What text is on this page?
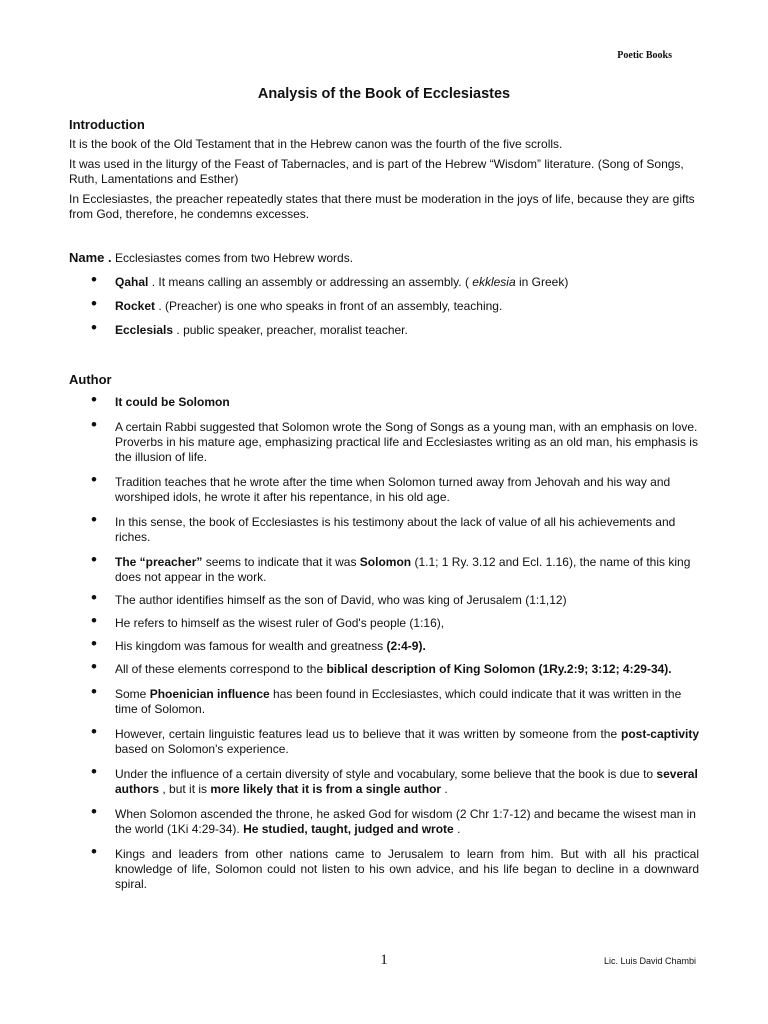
Poetic Books
Analysis of the Book of Ecclesiastes

Introduction

It is the book of the Old Testament that in the Hebrew canon was the fourth of the five scrolls.

It was used in the liturgy of the Feast of Tabernacles, and is part of the Hebrew “Wisdom” literature. (Song of Songs, Ruth, Lamentations and Esther)

In Ecclesiastes, the preacher repeatedly states that there must be moderation in the joys of life, because they are gifts from God, therefore, he condemns excesses.

Name . Ecclesiastes comes from two Hebrew words.

• Qahal . It means calling an assembly or addressing an assembly. ( ekklesia in Greek)
• Rocket . (Preacher) is one who speaks in front of an assembly, teaching.
• Ecclesials . public speaker, preacher, moralist teacher.

Author

• It could be Solomon
• A certain Rabbi suggested that Solomon wrote the Song of Songs as a young man, with an emphasis on love. Proverbs in his mature age, emphasizing practical life and Ecclesiastes writing as an old man, his emphasis is the illusion of life.
• Tradition teaches that he wrote after the time when Solomon turned away from Jehovah and his way and worshiped idols, he wrote it after his repentance, in his old age.
• In this sense, the book of Ecclesiastes is his testimony about the lack of value of all his achievements and riches.
• The “preacher” seems to indicate that it was Solomon (1.1; 1 Ry. 3.12 and Ecl. 1.16), the name of this king does not appear in the work.
• The author identifies himself as the son of David, who was king of Jerusalem (1:1,12)
• He refers to himself as the wisest ruler of God's people (1:16),
• His kingdom was famous for wealth and greatness (2:4-9).
• All of these elements correspond to the biblical description of King Solomon (1Ry.2:9; 3:12; 4:29-34).
• Some Phoenician influence has been found in Ecclesiastes, which could indicate that it was written in the time of Solomon.
• However, certain linguistic features lead us to believe that it was written by someone from the post-captivity based on Solomon's experience.
• Under the influence of a certain diversity of style and vocabulary, some believe that the book is due to several authors , but it is more likely that it is from a single author .
• When Solomon ascended the throne, he asked God for wisdom (2 Chr 1:7-12) and became the wisest man in the world (1Ki 4:29-34). He studied, taught, judged and wrote .
• Kings and leaders from other nations came to Jerusalem to learn from him. But with all his practical knowledge of life, Solomon could not listen to his own advice, and his life began to decline in a downward spiral.
1	Lic. Luis David Chambi
